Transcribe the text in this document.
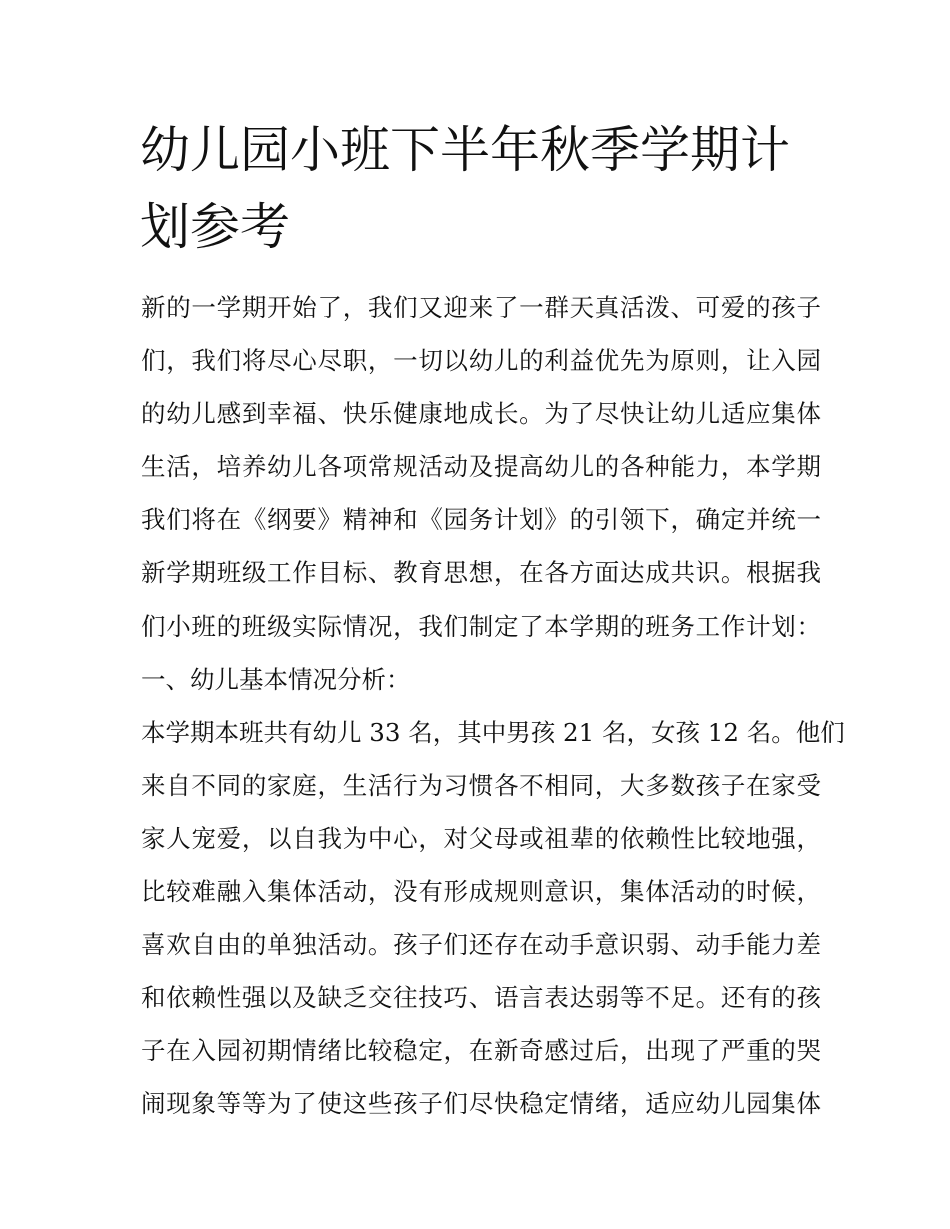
幼儿园小班下半年秋季学期计
划参考
新的一学期开始了，我们又迎来了一群天真活泼、可爱的孩子
们，我们将尽心尽职，一切以幼儿的利益优先为原则，让入园
的幼儿感到幸福、快乐健康地成长。为了尽快让幼儿适应集体
生活，培养幼儿各项常规活动及提高幼儿的各种能力，本学期
我们将在《纲要》精神和《园务计划》的引领下，确定并统一
新学期班级工作目标、教育思想，在各方面达成共识。根据我
们小班的班级实际情况，我们制定了本学期的班务工作计划：
一、幼儿基本情况分析：
本学期本班共有幼儿 33 名，其中男孩 21 名，女孩 12 名。他们
来自不同的家庭，生活行为习惯各不相同，大多数孩子在家受
家人宠爱，以自我为中心，对父母或祖辈的依赖性比较地强，
比较难融入集体活动，没有形成规则意识，集体活动的时候，
喜欢自由的单独活动。孩子们还存在动手意识弱、动手能力差
和依赖性强以及缺乏交往技巧、语言表达弱等不足。还有的孩
子在入园初期情绪比较稳定，在新奇感过后，出现了严重的哭
闹现象等等为了使这些孩子们尽快稳定情绪，适应幼儿园集体
